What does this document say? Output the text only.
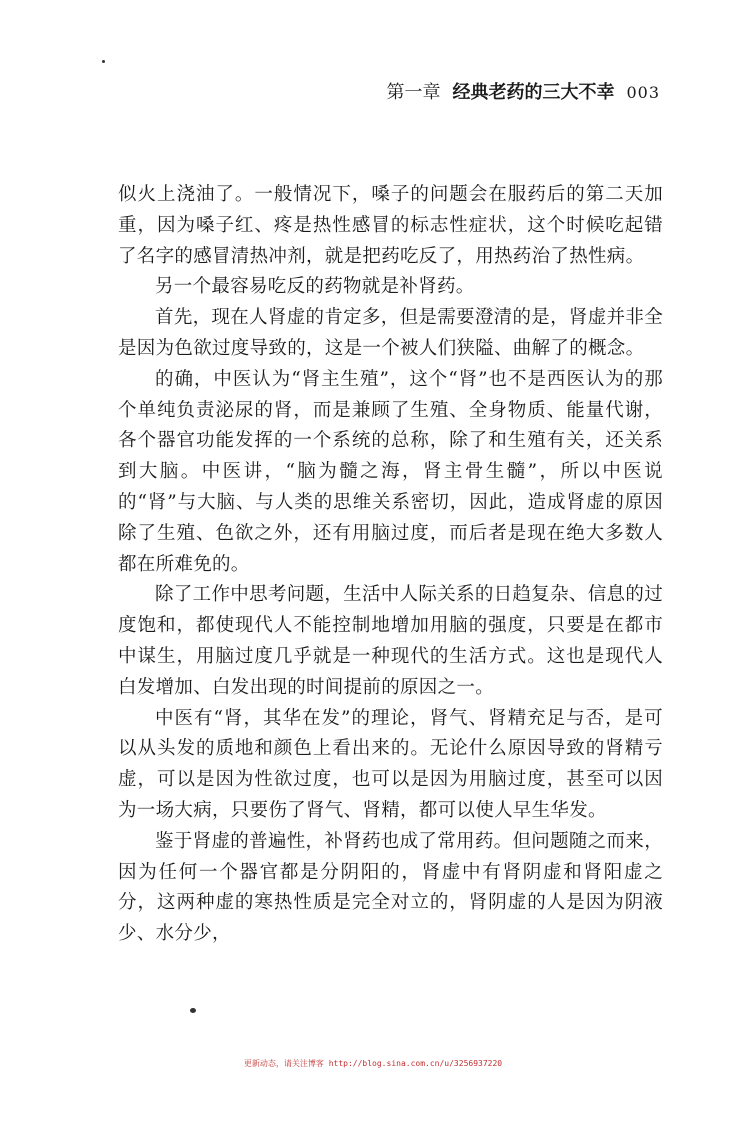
第一章 经典老药的三大不幸 003

似火上浇油了。一般情况下，嗓子的问题会在服药后的第二天加重，因为嗓子红、疼是热性感冒的标志性症状，这个时候吃起错了名字的感冒清热冲剂，就是把药吃反了，用热药治了热性病。

另一个最容易吃反的药物就是补肾药。

首先，现在人肾虚的肯定多，但是需要澄清的是，肾虚并非全是因为色欲过度导致的，这是一个被人们狭隘、曲解了的概念。

的确，中医认为“肾主生殖”，这个“肾”也不是西医认为的那个单纯负责泌尿的肾，而是兼顾了生殖、全身物质、能量代谢，各个器官功能发挥的一个系统的总称，除了和生殖有关，还关系到大脑。中医讲，“脑为髓之海，肾主骨生髓”，所以中医说的“肾”与大脑、与人类的思维关系密切，因此，造成肾虚的原因除了生殖、色欲之外，还有用脑过度，而后者是现在绝大多数人都在所难免的。

除了工作中思考问题，生活中人际关系的日趋复杂、信息的过度饱和，都使现代人不能控制地增加用脑的强度，只要是在都市中谋生，用脑过度几乎就是一种现代的生活方式。这也是现代人白发增加、白发出现的时间提前的原因之一。

中医有“肾，其华在发”的理论，肾气、肾精充足与否，是可以从头发的质地和颜色上看出来的。无论什么原因导致的肾精亏虚，可以是因为性欲过度，也可以是因为用脑过度，甚至可以因为一场大病，只要伤了肾气、肾精，都可以使人早生华发。

鉴于肾虚的普遍性，补肾药也成了常用药。但问题随之而来，因为任何一个器官都是分阴阳的，肾虚中有肾阴虚和肾阳虚之分，这两种虚的寒热性质是完全对立的，肾阴虚的人是因为阴液少、水分少，

更新动态，请关注博客 http://blog.sina.com.cn/u/3256937220
